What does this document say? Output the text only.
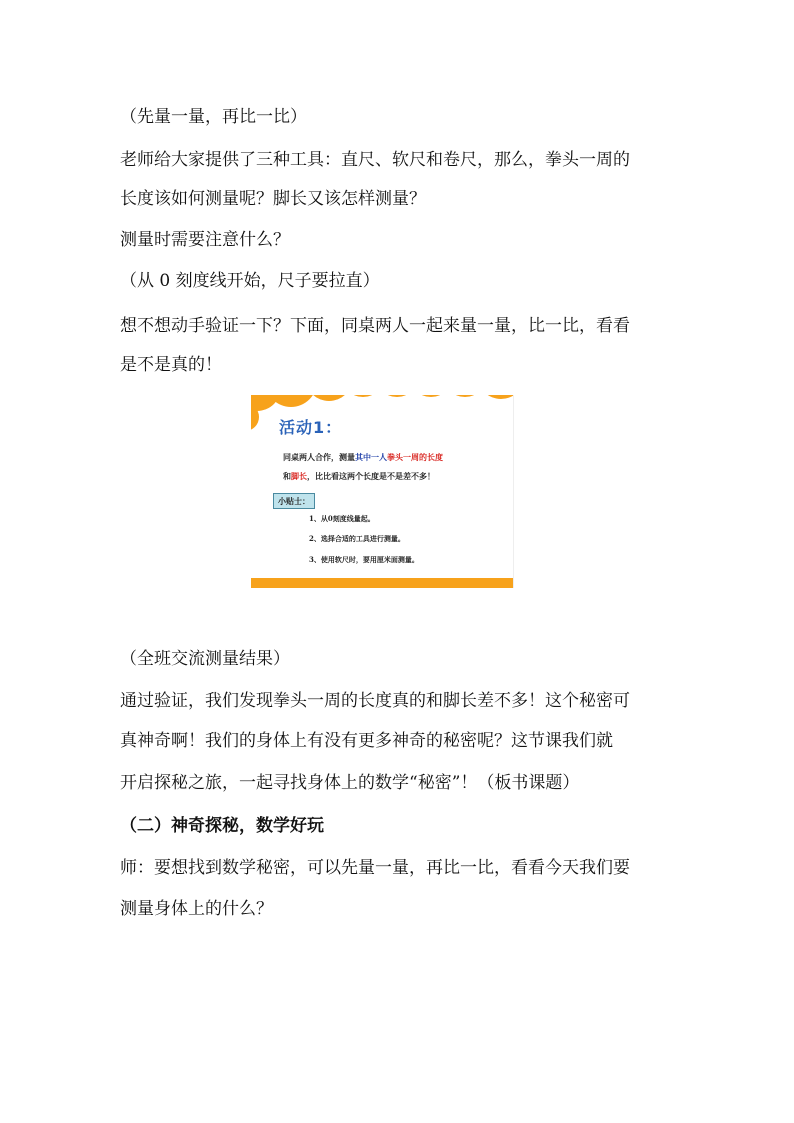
（先量一量，再比一比）
老师给大家提供了三种工具：直尺、软尺和卷尺，那么，拳头一周的
长度该如何测量呢？脚长又该怎样测量？
测量时需要注意什么？
（从 0 刻度线开始，尺子要拉直）
想不想动手验证一下？下面，同桌两人一起来量一量，比一比，看看
是不是真的！
活动1：
同桌两人合作，测量其中一人拳头一周的长度
和脚长，比比看这两个长度是不是差不多！
小贴士：
1、从0刻度线量起。
2、选择合适的工具进行测量。
3、使用软尺时，要用厘米面测量。
（全班交流测量结果）
通过验证，我们发现拳头一周的长度真的和脚长差不多！这个秘密可
真神奇啊！我们的身体上有没有更多神奇的秘密呢？这节课我们就
开启探秘之旅，一起寻找身体上的数学“秘密”！（板书课题）
（二）神奇探秘，数学好玩
师：要想找到数学秘密，可以先量一量，再比一比，看看今天我们要
测量身体上的什么？
